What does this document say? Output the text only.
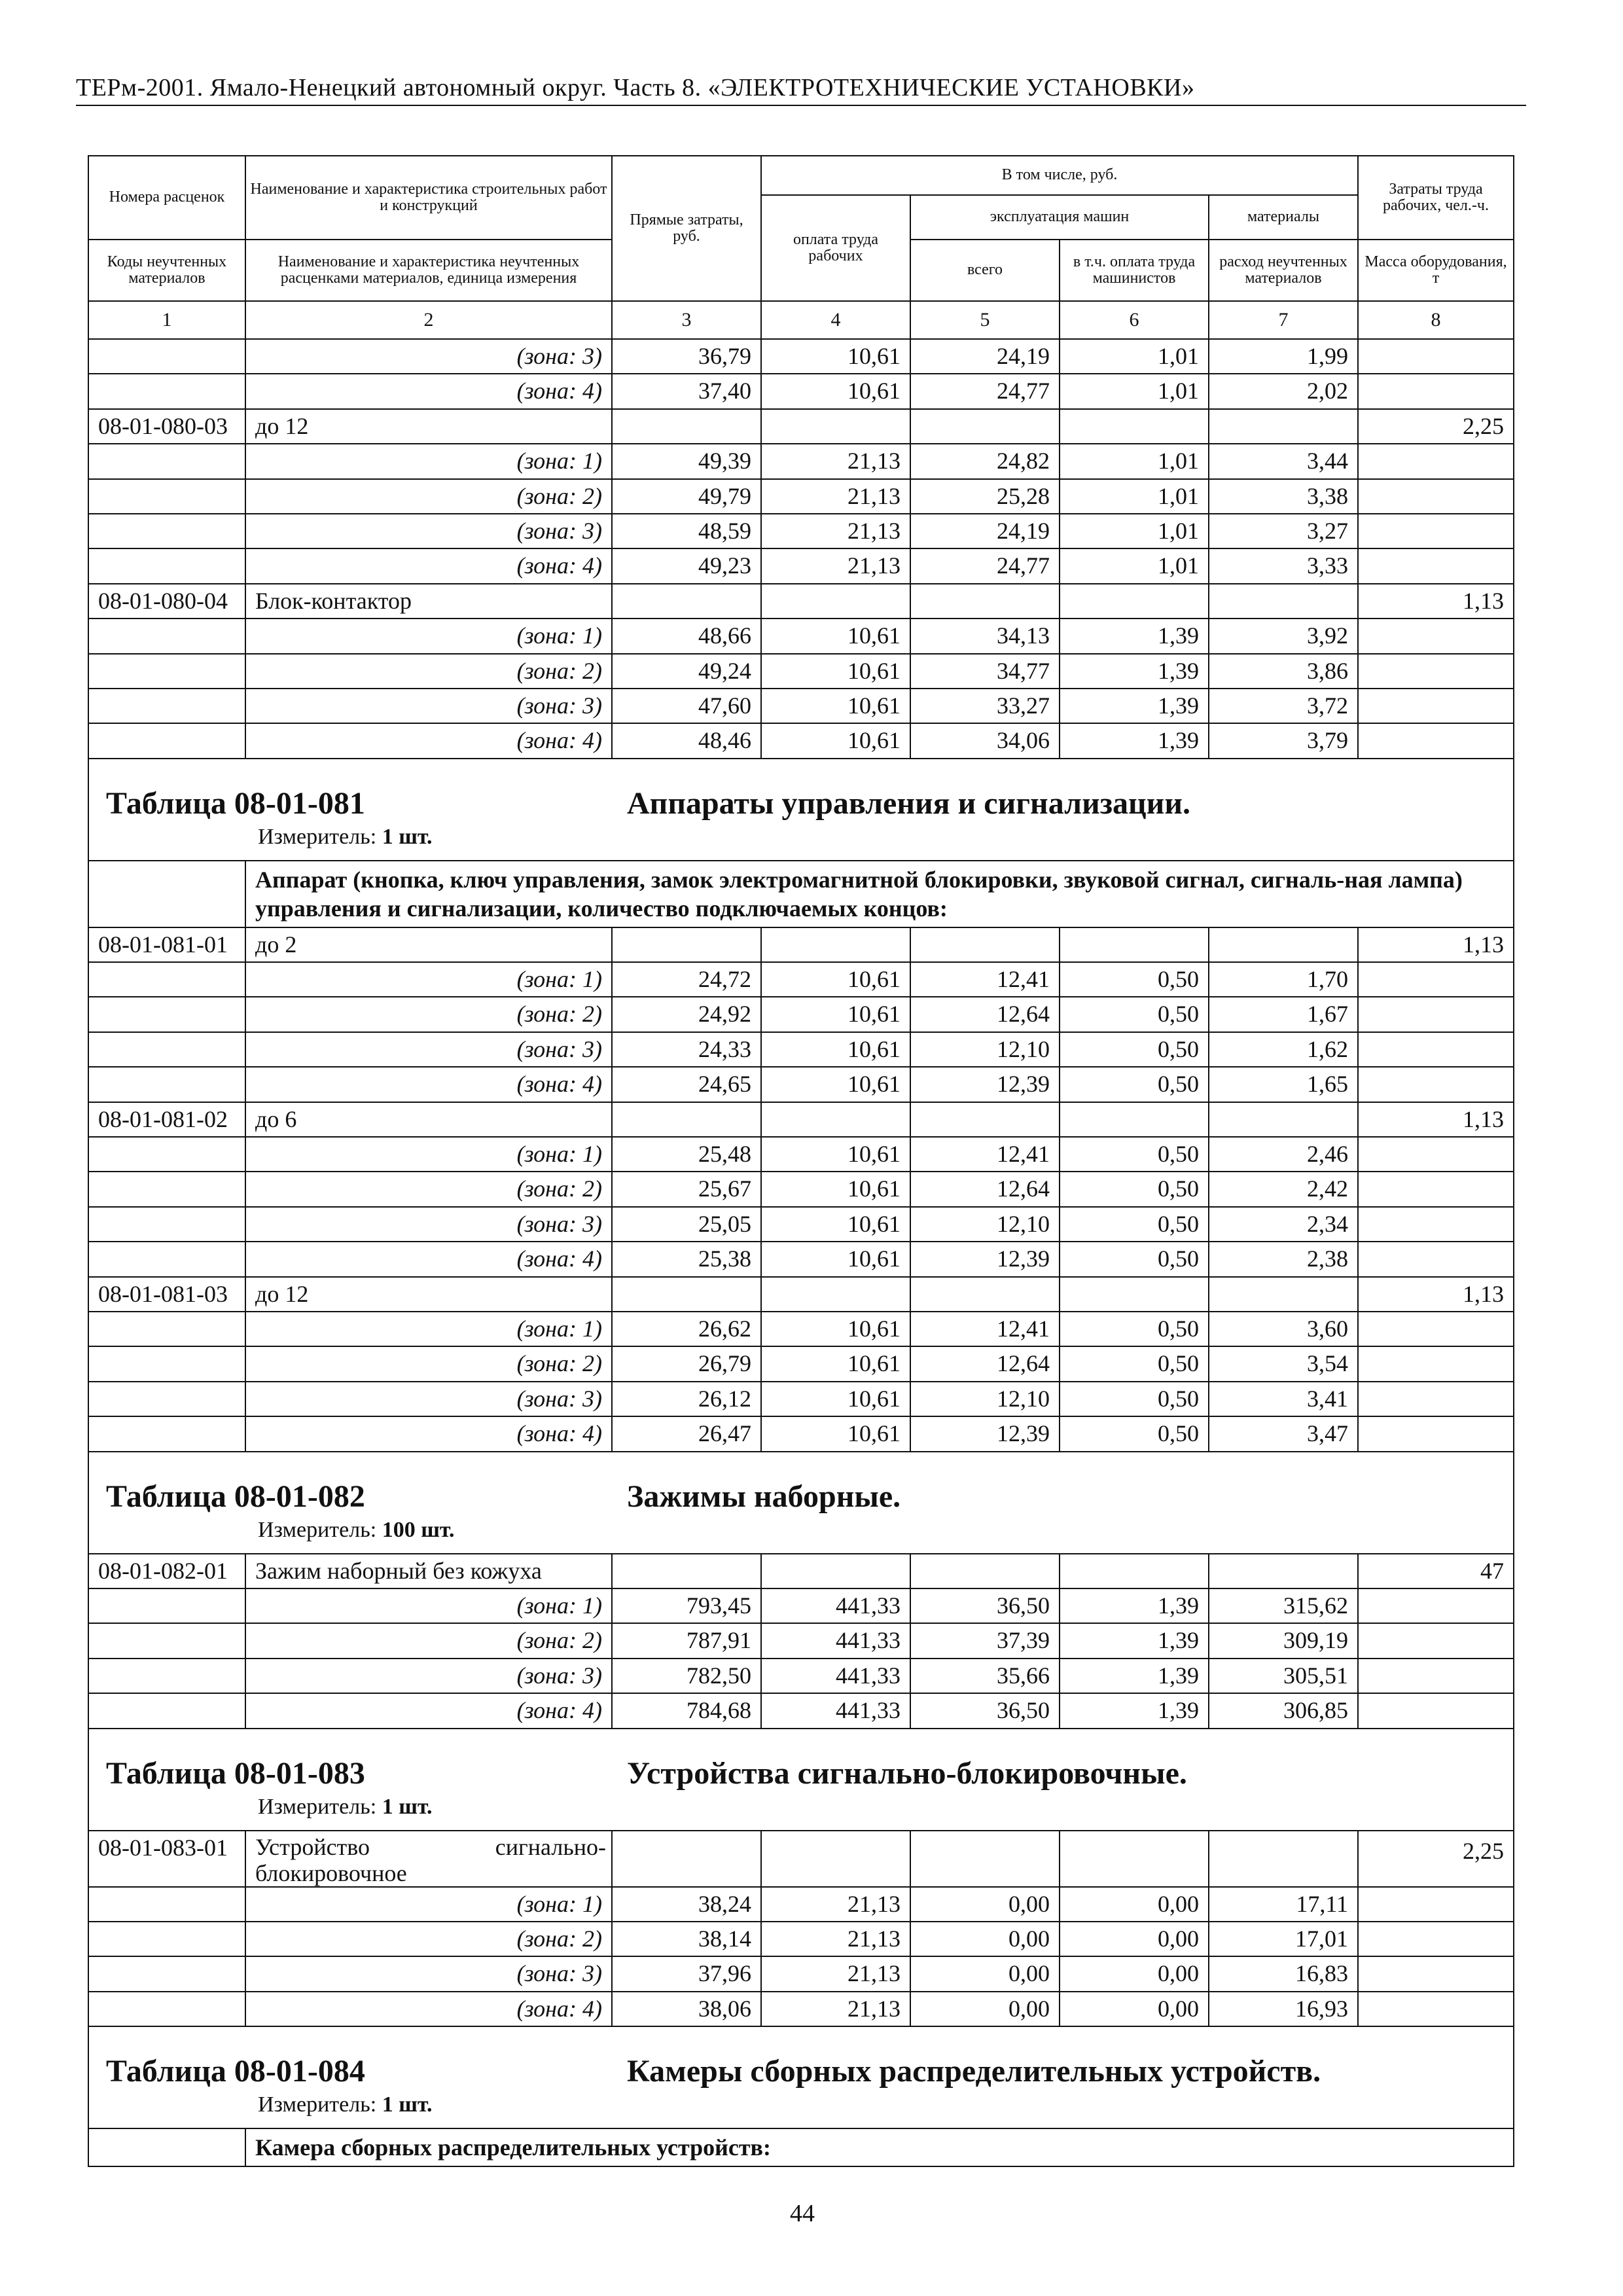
ТЕРм-2001. Ямало-Ненецкий автономный округ. Часть 8. «ЭЛЕКТРОТЕХНИЧЕСКИЕ УСТАНОВКИ»
Номера расценок	Наименование и характеристика строительных работ и конструкций	Прямые затраты, руб.	В том числе, руб.				Затраты труда рабочих, чел.-ч.
			оплата труда рабочих	эксплуатация машин		материалы	
Коды неучтенных материалов	Наименование и характеристика неучтенных расценками материалов, единица измерения			всего	в т.ч. оплата труда машинистов	расход неучтенных материалов	Масса оборудования, т
1	2	3	4	5	6	7	8
	(зона: 3)	36,79	10,61	24,19	1,01	1,99	
	(зона: 4)	37,40	10,61	24,77	1,01	2,02	
08-01-080-03	до 12						2,25
	(зона: 1)	49,39	21,13	24,82	1,01	3,44	
	(зона: 2)	49,79	21,13	25,28	1,01	3,38	
	(зона: 3)	48,59	21,13	24,19	1,01	3,27	
	(зона: 4)	49,23	21,13	24,77	1,01	3,33	
08-01-080-04	Блок-контактор						1,13
	(зона: 1)	48,66	10,61	34,13	1,39	3,92	
	(зона: 2)	49,24	10,61	34,77	1,39	3,86	
	(зона: 3)	47,60	10,61	33,27	1,39	3,72	
	(зона: 4)	48,46	10,61	34,06	1,39	3,79	

Таблица 08-01-081 Аппараты управления и сигнализации.
Измеритель: 1 шт.							

	Аппарат (кнопка, ключ управления, замок электромагнитной блокировки, звуковой сигнал, сигналь-ная лампа) управления и сигнализации, количество подключаемых концов:						
08-01-081-01	до 2						1,13
	(зона: 1)	24,72	10,61	12,41	0,50	1,70	
	(зона: 2)	24,92	10,61	12,64	0,50	1,67	
	(зона: 3)	24,33	10,61	12,10	0,50	1,62	
	(зона: 4)	24,65	10,61	12,39	0,50	1,65	
08-01-081-02	до 6						1,13
	(зона: 1)	25,48	10,61	12,41	0,50	2,46	
	(зона: 2)	25,67	10,61	12,64	0,50	2,42	
	(зона: 3)	25,05	10,61	12,10	0,50	2,34	
	(зона: 4)	25,38	10,61	12,39	0,50	2,38	
08-01-081-03	до 12						1,13
	(зона: 1)	26,62	10,61	12,41	0,50	3,60	
	(зона: 2)	26,79	10,61	12,64	0,50	3,54	
	(зона: 3)	26,12	10,61	12,10	0,50	3,41	
	(зона: 4)	26,47	10,61	12,39	0,50	3,47	

Таблица 08-01-082 Зажимы наборные.
Измеритель: 100 шт.							

08-01-082-01	Зажим наборный без кожуха						47
	(зона: 1)	793,45	441,33	36,50	1,39	315,62	
	(зона: 2)	787,91	441,33	37,39	1,39	309,19	
	(зона: 3)	782,50	441,33	35,66	1,39	305,51	
	(зона: 4)	784,68	441,33	36,50	1,39	306,85	

Таблица 08-01-083 Устройства сигнально-блокировочные.
Измеритель: 1 шт.							

08-01-083-01	Устройство сигнально-
блокировочное						2,25
	(зона: 1)	38,24	21,13	0,00	0,00	17,11	
	(зона: 2)	38,14	21,13	0,00	0,00	17,01	
	(зона: 3)	37,96	21,13	0,00	0,00	16,83	
	(зона: 4)	38,06	21,13	0,00	0,00	16,93	

Таблица 08-01-084 Камеры сборных распределительных устройств.
Измеритель: 1 шт.							

	Камера сборных распределительных устройств:						
44
